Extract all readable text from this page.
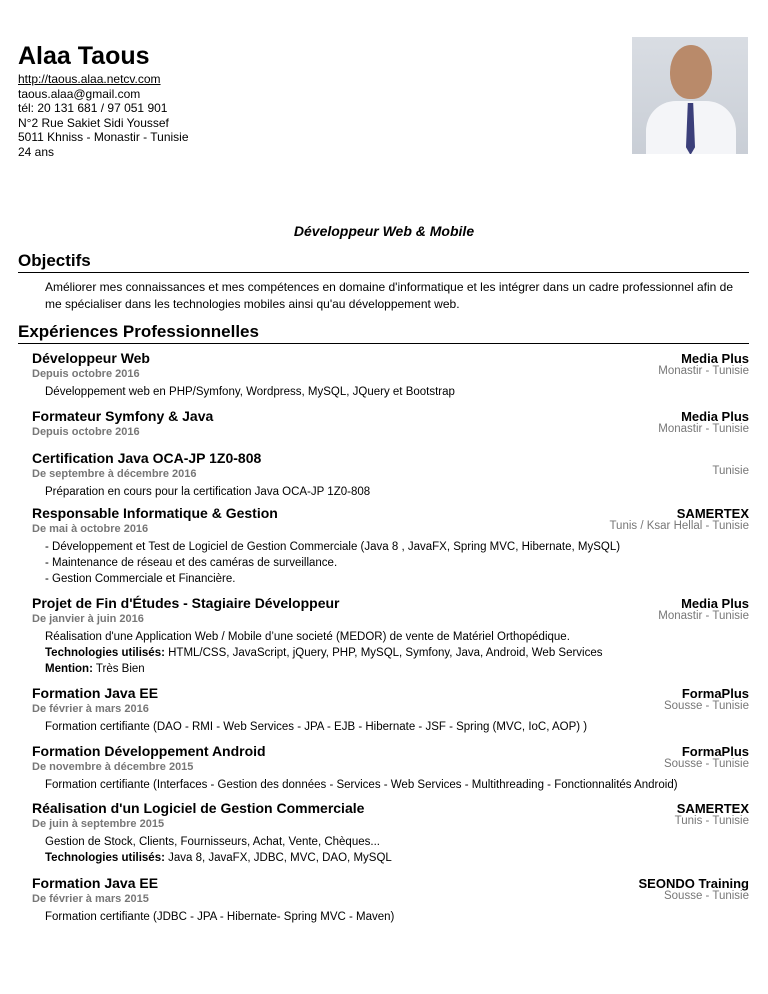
Alaa Taous
http://taous.alaa.netcv.com
taous.alaa@gmail.com
tél: 20 131 681 / 97 051 901
N°2 Rue Sakiet Sidi Youssef
5011 Khniss - Monastir - Tunisie
24 ans
Développeur Web & Mobile
Objectifs
Améliorer mes connaissances et mes compétences en domaine d'informatique et les intégrer dans un cadre professionnel afin de me spécialiser dans les technologies mobiles ainsi qu'au développement web.
Expériences Professionnelles
Développeur Web	Media Plus
Depuis octobre 2016	Monastir - Tunisie
Développement web en PHP/Symfony, Wordpress, MySQL, JQuery et Bootstrap
Formateur Symfony & Java	Media Plus
Depuis octobre 2016	Monastir - Tunisie
Certification Java OCA-JP 1Z0-808
De septembre à décembre 2016	Tunisie
Préparation en cours pour la certification Java OCA-JP 1Z0-808
Responsable Informatique & Gestion	SAMERTEX
De mai à octobre 2016	Tunis / Ksar Hellal - Tunisie
- Développement et Test de Logiciel de Gestion Commerciale (Java 8 , JavaFX, Spring MVC, Hibernate, MySQL)
- Maintenance de réseau et des caméras de surveillance.
- Gestion Commerciale et Financière.
Projet de Fin d'Études - Stagiaire Développeur	Media Plus
De janvier à juin 2016	Monastir - Tunisie
Réalisation d'une Application Web / Mobile d’une societé (MEDOR) de vente de Matériel Orthopédique.
Technologies utilisés: HTML/CSS, JavaScript, jQuery, PHP, MySQL, Symfony, Java, Android, Web Services
Mention: Très Bien
Formation Java EE	FormaPlus
De février à mars 2016	Sousse - Tunisie
Formation certifiante (DAO - RMI - Web Services - JPA - EJB - Hibernate - JSF - Spring (MVC, IoC, AOP) )
Formation Développement Android	FormaPlus
De novembre à décembre 2015	Sousse - Tunisie
Formation certifiante (Interfaces - Gestion des données - Services - Web Services - Multithreading - Fonctionnalités Android)
Réalisation d'un Logiciel de Gestion Commerciale	SAMERTEX
De juin à septembre 2015	Tunis - Tunisie
Gestion de Stock, Clients, Fournisseurs, Achat, Vente, Chèques...
Technologies utilisés: Java 8, JavaFX, JDBC, MVC, DAO, MySQL
Formation Java EE	SEONDO Training
De février à mars 2015	Sousse - Tunisie
Formation certifiante (JDBC - JPA - Hibernate- Spring MVC - Maven)
